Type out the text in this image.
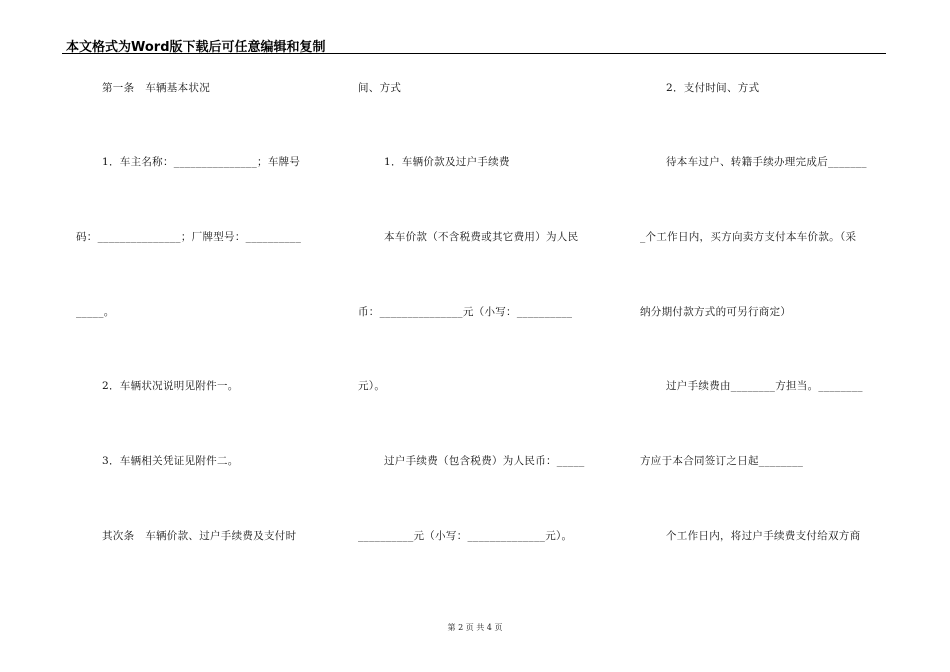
本文格式为Word版下载后可任意编辑和复制
第一条　车辆基本状况
1．车主名称：_______________；车牌号
码：_______________；厂牌型号：__________
_____。
2．车辆状况说明见附件一。
3．车辆相关凭证见附件二。
其次条　车辆价款、过户手续费及支付时
间、方式
1．车辆价款及过户手续费
本车价款（不含税费或其它费用）为人民
币：_______________元（小写：__________
元）。
过户手续费（包含税费）为人民币：_____
__________元（小写：______________元）。
2．支付时间、方式
待本车过户、转籍手续办理完成后_______
_个工作日内，买方向卖方支付本车价款。（采
纳分期付款方式的可另行商定）
过户手续费由________方担当。________
方应于本合同签订之日起________
个工作日内，将过户手续费支付给双方商
第 2 页 共 4 页
